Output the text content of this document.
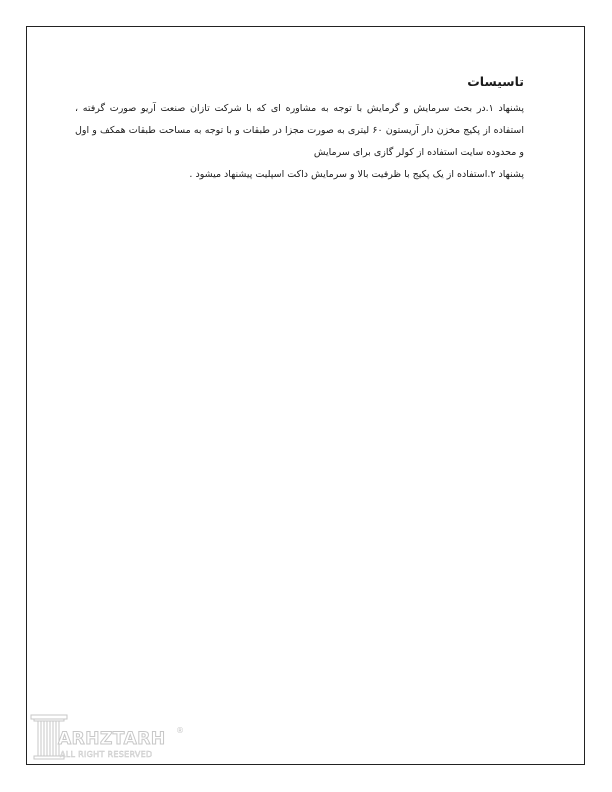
تاسیسات

پشنهاد ۱.در بحث سرمایش و گرمایش با توجه به مشاوره ای که با شرکت تازان صنعت آریو صورت گرفته ، استفاده از پکیج مخزن دار آریستون ۶۰ لیتری به صورت مجزا در طبقات و با توجه به مساحت طبقات همکف و اول و محدوده سایت استفاده از کولر گازی برای سرمایش

پشنهاد ۲.استفاده از یک پکیج با ظرفیت بالا و سرمایش داکت اسپلیت پیشنهاد میشود .

ARHZTARH ®
ALL RIGHT RESERVED
